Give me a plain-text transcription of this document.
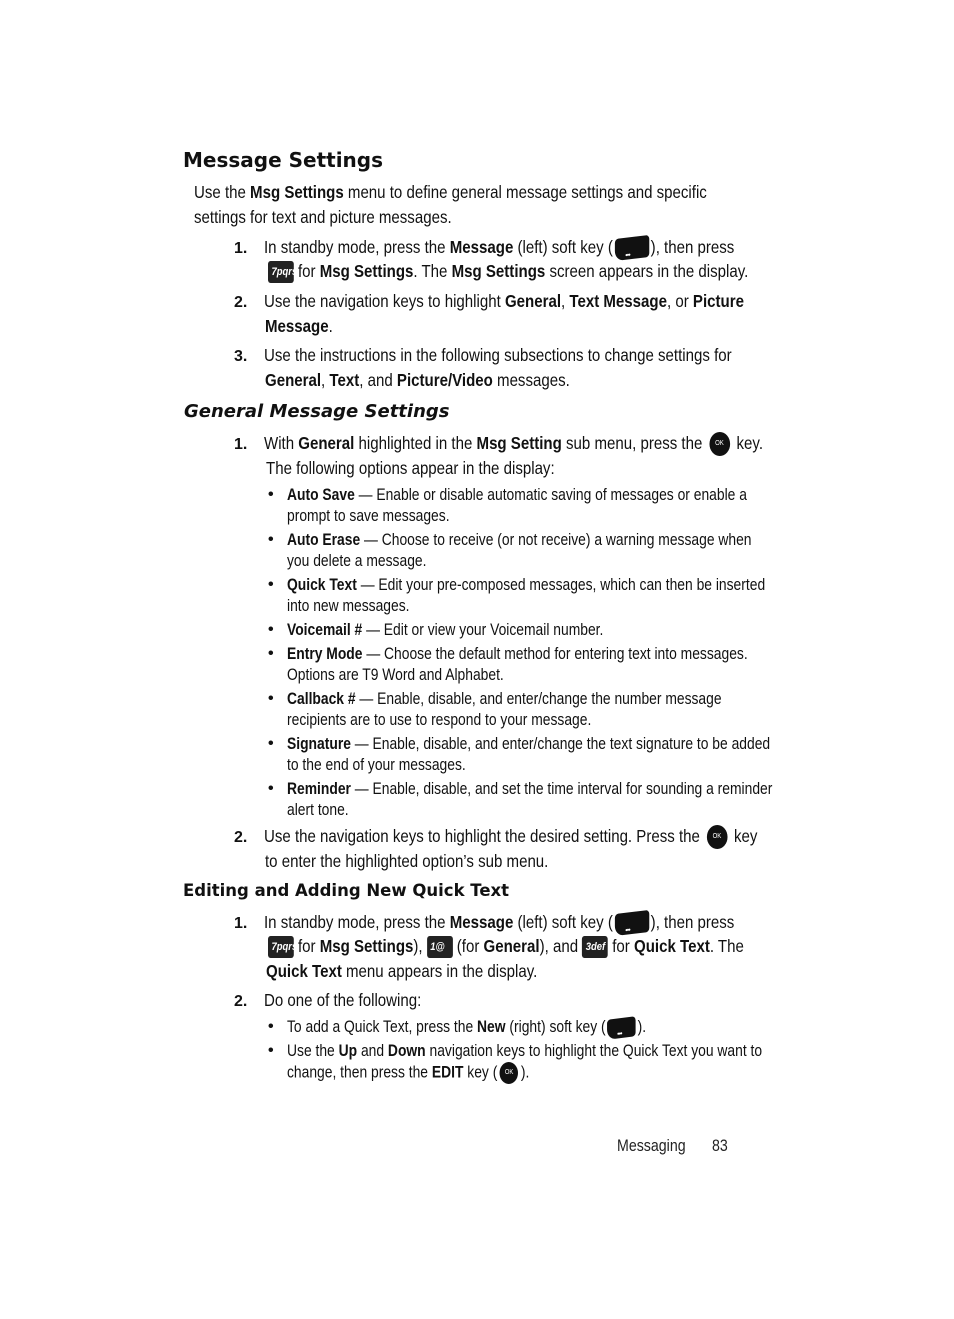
Message Settings
Use the Msg Settings menu to define general message settings and specific
settings for text and picture messages.
1. In standby mode, press the Message (left) soft key ( ••• ), then press
7pqrs for Msg Settings. The Msg Settings screen appears in the display.
2. Use the navigation keys to highlight General, Text Message, or Picture
Message.
3. Use the instructions in the following subsections to change settings for
General, Text, and Picture/Video messages.
General Message Settings
1. With General highlighted in the Msg Setting sub menu, press the OK key.
The following options appear in the display:
• Auto Save — Enable or disable automatic saving of messages or enable a
prompt to save messages.
• Auto Erase — Choose to receive (or not receive) a warning message when
you delete a message.
• Quick Text — Edit your pre-composed messages, which can then be inserted
into new messages.
• Voicemail # — Edit or view your Voicemail number.
• Entry Mode — Choose the default method for entering text into messages.
Options are T9 Word and Alphabet.
• Callback # — Enable, disable, and enter/change the number message
recipients are to use to respond to your message.
• Signature — Enable, disable, and enter/change the text signature to be added
to the end of your messages.
• Reminder — Enable, disable, and set the time interval for sounding a reminder
alert tone.
2. Use the navigation keys to highlight the desired setting. Press the OK key
to enter the highlighted option’s sub menu.
Editing and Adding New Quick Text
1. In standby mode, press the Message (left) soft key ( ••• ), then press
7pqrs for Msg Settings), 1@ (for General), and 3def for Quick Text. The
Quick Text menu appears in the display.
2. Do one of the following:
• To add a Quick Text, press the New (right) soft key ( ••• ).
• Use the Up and Down navigation keys to highlight the Quick Text you want to
change, then press the EDIT key ( OK ).
Messaging 83
